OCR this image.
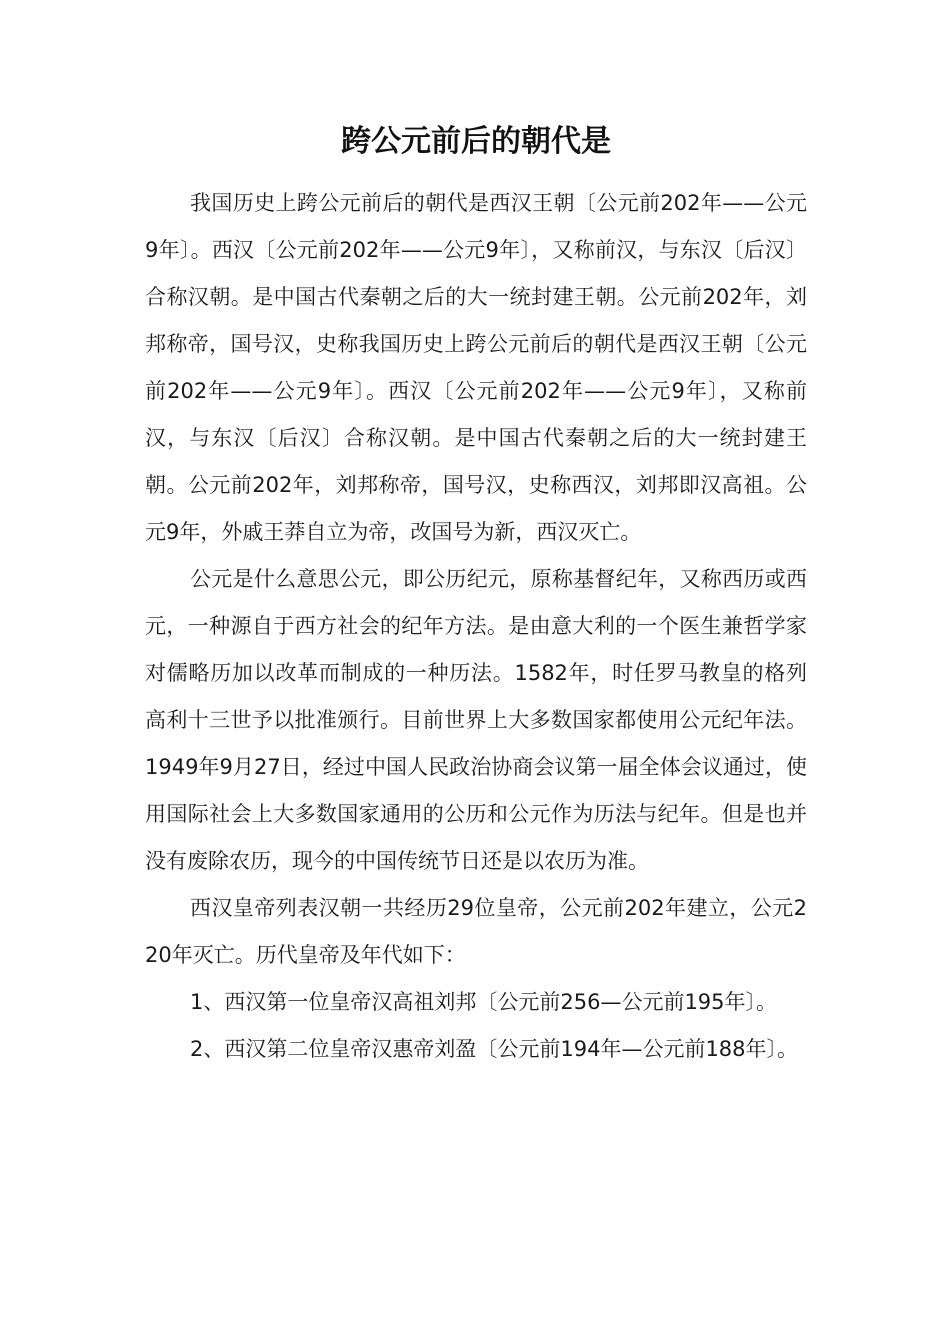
跨公元前后的朝代是

我国历史上跨公元前后的朝代是西汉王朝〔公元前202年——公元9年〕。西汉〔公元前202年——公元9年〕，又称前汉，与东汉〔后汉〕合称汉朝。是中国古代秦朝之后的大一统封建王朝。公元前202年，刘邦称帝，国号汉，史称我国历史上跨公元前后的朝代是西汉王朝〔公元前202年——公元9年〕。西汉〔公元前202年——公元9年〕，又称前汉，与东汉〔后汉〕合称汉朝。是中国古代秦朝之后的大一统封建王朝。公元前202年，刘邦称帝，国号汉，史称西汉，刘邦即汉高祖。公元9年，外戚王莽自立为帝，改国号为新，西汉灭亡。

公元是什么意思公元，即公历纪元，原称基督纪年，又称西历或西元，一种源自于西方社会的纪年方法。是由意大利的一个医生兼哲学家对儒略历加以改革而制成的一种历法。1582年，时任罗马教皇的格列高利十三世予以批准颁行。目前世界上大多数国家都使用公元纪年法。1949年9月27日，经过中国人民政治协商会议第一届全体会议通过，使用国际社会上大多数国家通用的公历和公元作为历法与纪年。但是也并没有废除农历，现今的中国传统节日还是以农历为准。

西汉皇帝列表汉朝一共经历29位皇帝，公元前202年建立，公元220年灭亡。历代皇帝及年代如下：

1、西汉第一位皇帝汉高祖刘邦〔公元前256—公元前195年〕。

2、西汉第二位皇帝汉惠帝刘盈〔公元前194年—公元前188年〕。
